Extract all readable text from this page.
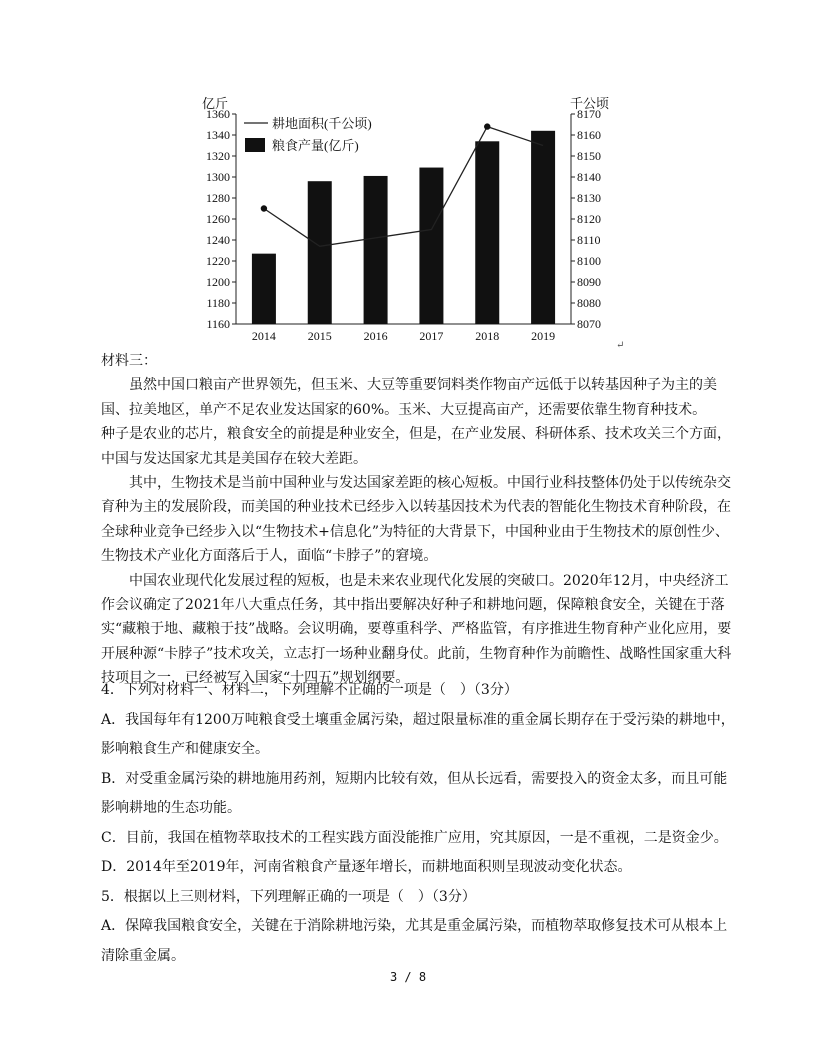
亿斤	千公顷
1360
1340
1320
1300
1280
1260
1240
1220
1200
1180
1160
8170
8160
8150
8140
8130
8120
8110
8100
8090
8080
8070
2014	2015	2016	2017	2018	2019
耕地面积(千公顷)
粮食产量(亿斤)
↵

材料三：

虽然中国口粮亩产世界领先，但玉米、大豆等重要饲料类作物亩产远低于以转基因种子为主的美国、拉美地区，单产不足农业发达国家的60%。玉米、大豆提高亩产，还需要依靠生物育种技术。

种子是农业的芯片，粮食安全的前提是种业安全，但是，在产业发展、科研体系、技术攻关三个方面，中国与发达国家尤其是美国存在较大差距。

其中，生物技术是当前中国种业与发达国家差距的核心短板。中国行业科技整体仍处于以传统杂交育种为主的发展阶段，而美国的种业技术已经步入以转基因技术为代表的智能化生物技术育种阶段，在全球种业竞争已经步入以“生物技术+信息化”为特征的大背景下，中国种业由于生物技术的原创性少、生物技术产业化方面落后于人，面临“卡脖子”的窘境。

中国农业现代化发展过程的短板，也是未来农业现代化发展的突破口。2020年12月，中央经济工作会议确定了2021年八大重点任务，其中指出要解决好种子和耕地问题，保障粮食安全，关键在于落实“藏粮于地、藏粮于技”战略。会议明确，要尊重科学、严格监管，有序推进生物育种产业化应用，要开展种源“卡脖子”技术攻关，立志打一场种业翻身仗。此前，生物育种作为前瞻性、战略性国家重大科技项目之一，已经被写入国家“十四五”规划纲要。

4．下列对材料一、材料二，下列理解不正确的一项是（　）（3分）

A．我国每年有1200万吨粮食受土壤重金属污染，超过限量标准的重金属长期存在于受污染的耕地中，影响粮食生产和健康安全。

B．对受重金属污染的耕地施用药剂，短期内比较有效，但从长远看，需要投入的资金太多，而且可能影响耕地的生态功能。

C．目前，我国在植物萃取技术的工程实践方面没能推广应用，究其原因，一是不重视，二是资金少。

D．2014年至2019年，河南省粮食产量逐年增长，而耕地面积则呈现波动变化状态。

5．根据以上三则材料，下列理解正确的一项是（　）（3分）

A．保障我国粮食安全，关键在于消除耕地污染，尤其是重金属污染，而植物萃取修复技术可从根本上清除重金属。

3 / 8
